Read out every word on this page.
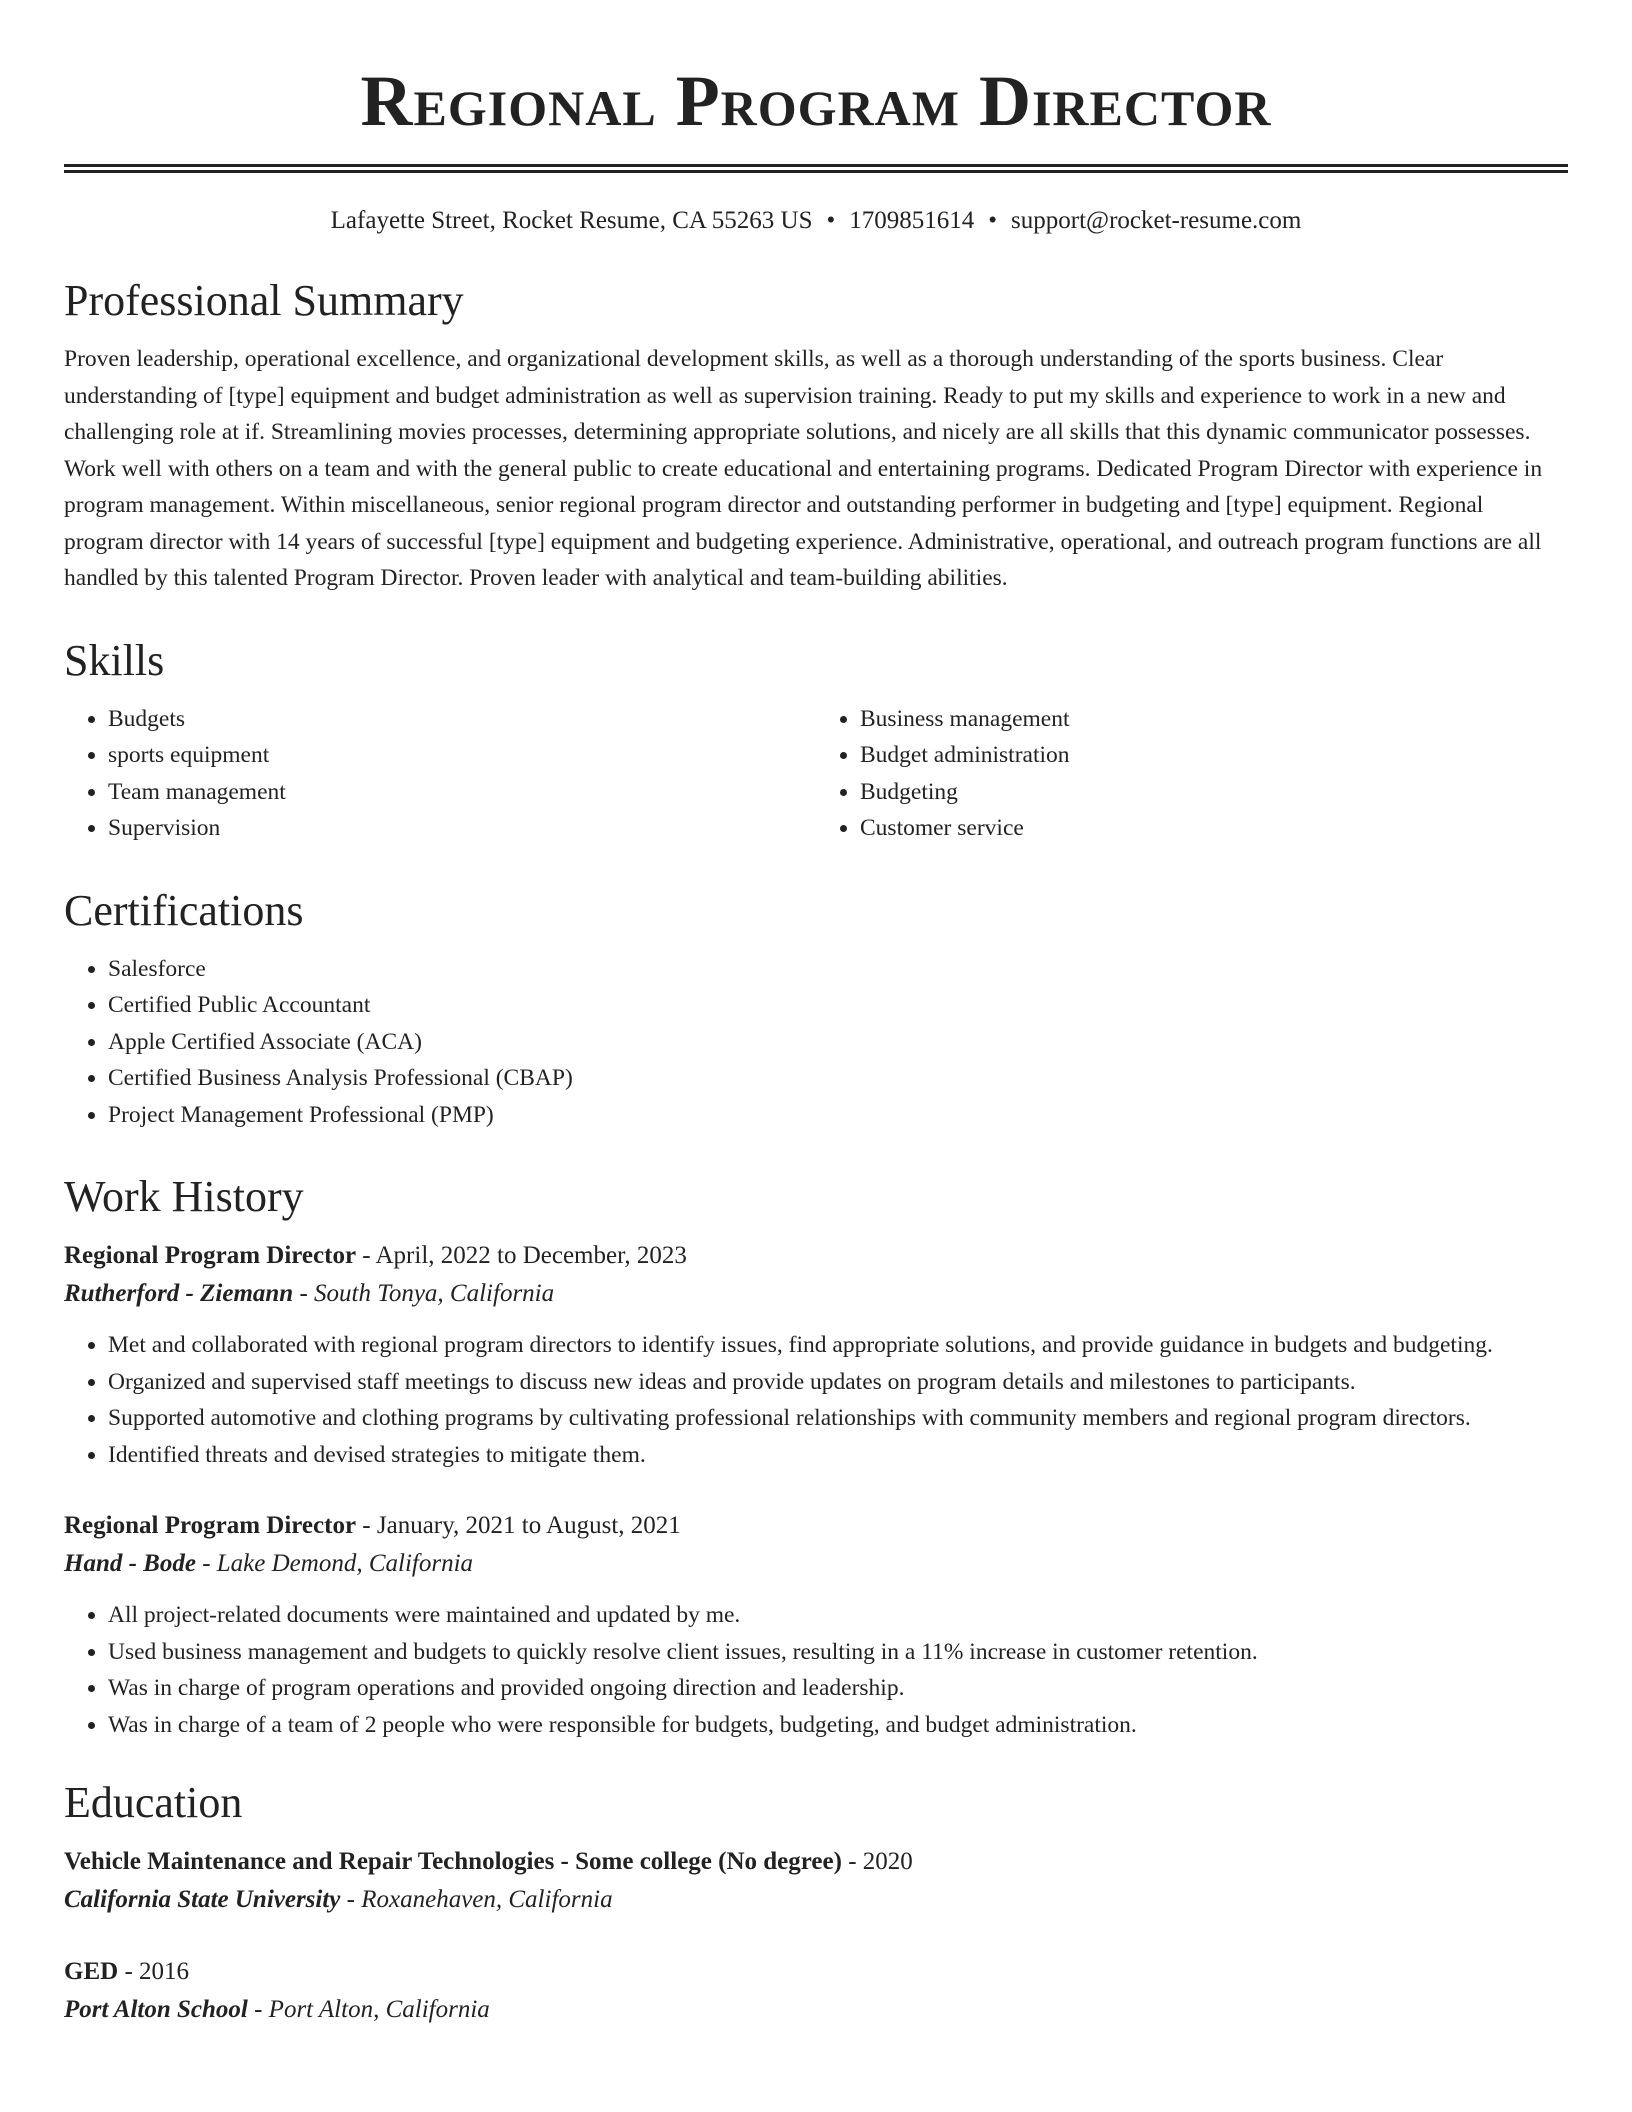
Regional Program Director
Lafayette Street, Rocket Resume, CA 55263 US • 1709851614 • support@rocket-resume.com
Professional Summary

Proven leadership, operational excellence, and organizational development skills, as well as a thorough understanding of the sports business. Clear understanding of [type] equipment and budget administration as well as supervision training. Ready to put my skills and experience to work in a new and challenging role at if. Streamlining movies processes, determining appropriate solutions, and nicely are all skills that this dynamic communicator possesses. Work well with others on a team and with the general public to create educational and entertaining programs. Dedicated Program Director with experience in program management. Within miscellaneous, senior regional program director and outstanding performer in budgeting and [type] equipment. Regional program director with 14 years of successful [type] equipment and budgeting experience. Administrative, operational, and outreach program functions are all handled by this talented Program Director. Proven leader with analytical and team-building abilities.

Skills
• Budgets
• sports equipment
• Team management
• Supervision
• Business management
• Budget administration
• Budgeting
• Customer service
Certifications
• Salesforce
• Certified Public Accountant
• Apple Certified Associate (ACA)
• Certified Business Analysis Professional (CBAP)
• Project Management Professional (PMP)
Work History
Regional Program Director - April, 2022 to December, 2023
Rutherford - Ziemann - South Tonya, California
• Met and collaborated with regional program directors to identify issues, find appropriate solutions, and provide guidance in budgets and budgeting.
• Organized and supervised staff meetings to discuss new ideas and provide updates on program details and milestones to participants.
• Supported automotive and clothing programs by cultivating professional relationships with community members and regional program directors.
• Identified threats and devised strategies to mitigate them.
Regional Program Director - January, 2021 to August, 2021
Hand - Bode - Lake Demond, California
• All project-related documents were maintained and updated by me.
• Used business management and budgets to quickly resolve client issues, resulting in a 11% increase in customer retention.
• Was in charge of program operations and provided ongoing direction and leadership.
• Was in charge of a team of 2 people who were responsible for budgets, budgeting, and budget administration.
Education
Vehicle Maintenance and Repair Technologies - Some college (No degree) - 2020
California State University - Roxanehaven, California
GED - 2016
Port Alton School - Port Alton, California
